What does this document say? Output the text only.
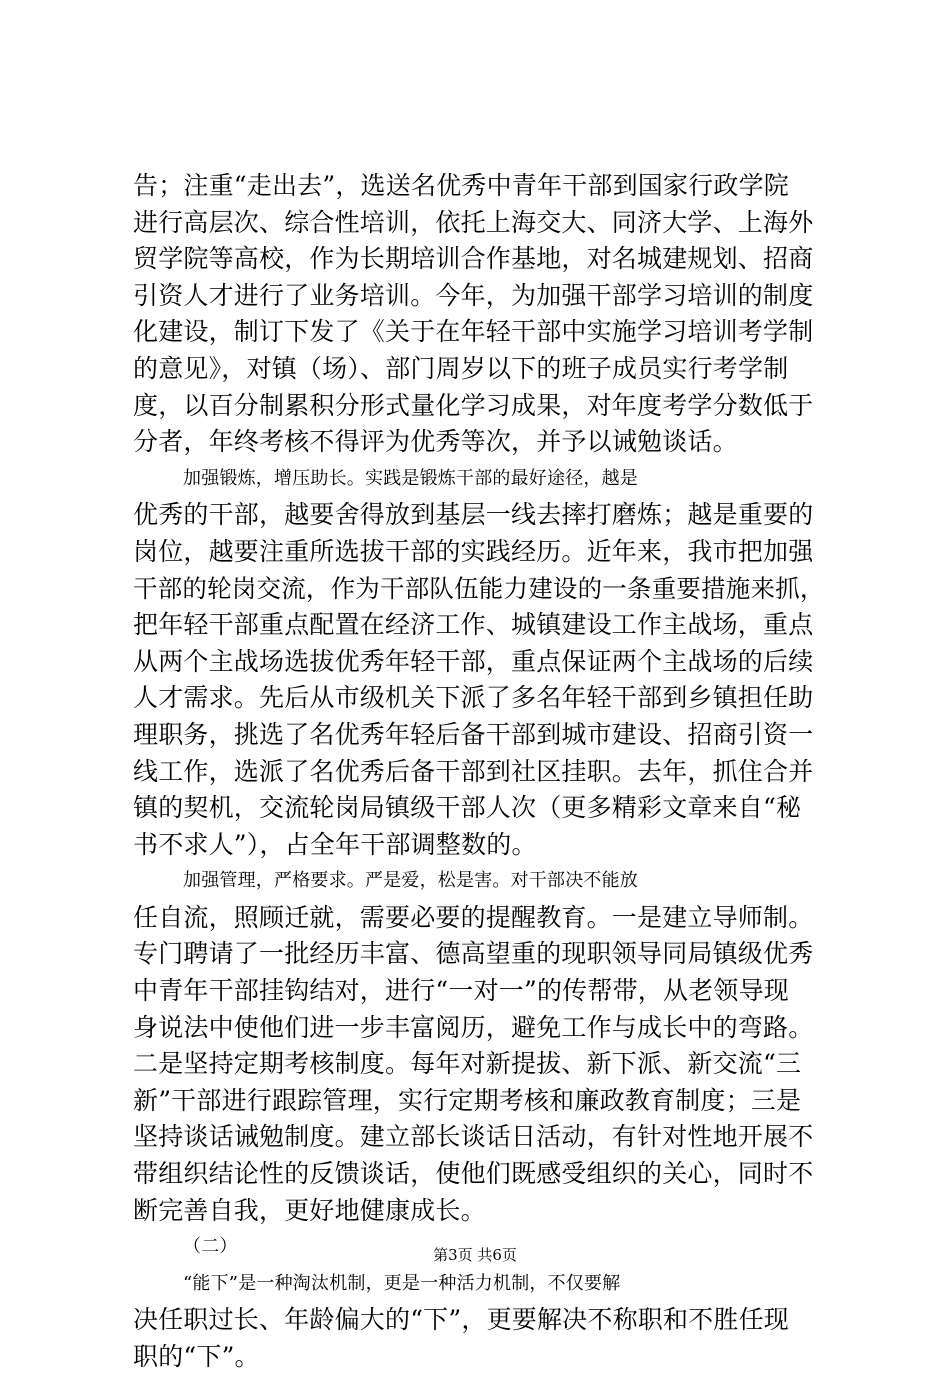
告；注重“走出去”，选送名优秀中青年干部到国家行政学院
进行高层次、综合性培训，依托上海交大、同济大学、上海外
贸学院等高校，作为长期培训合作基地，对名城建规划、招商
引资人才进行了业务培训。今年，为加强干部学习培训的制度
化建设，制订下发了《关于在年轻干部中实施学习培训考学制
的意见》，对镇（场）、部门周岁以下的班子成员实行考学制
度，以百分制累积分形式量化学习成果，对年度考学分数低于
分者，年终考核不得评为优秀等次，并予以诫勉谈话。
加强锻炼，增压助长。实践是锻炼干部的最好途径，越是
优秀的干部，越要舍得放到基层一线去摔打磨炼；越是重要的
岗位，越要注重所选拔干部的实践经历。近年来，我市把加强
干部的轮岗交流，作为干部队伍能力建设的一条重要措施来抓，
把年轻干部重点配置在经济工作、城镇建设工作主战场，重点
从两个主战场选拔优秀年轻干部，重点保证两个主战场的后续
人才需求。先后从市级机关下派了多名年轻干部到乡镇担任助
理职务，挑选了名优秀年轻后备干部到城市建设、招商引资一
线工作，选派了名优秀后备干部到社区挂职。去年，抓住合并
镇的契机，交流轮岗局镇级干部人次（更多精彩文章来自“秘
书不求人”），占全年干部调整数的。
加强管理，严格要求。严是爱，松是害。对干部决不能放
任自流，照顾迁就，需要必要的提醒教育。一是建立导师制。
专门聘请了一批经历丰富、德高望重的现职领导同局镇级优秀
中青年干部挂钩结对，进行“一对一”的传帮带，从老领导现
身说法中使他们进一步丰富阅历，避免工作与成长中的弯路。
二是坚持定期考核制度。每年对新提拔、新下派、新交流“三
新”干部进行跟踪管理，实行定期考核和廉政教育制度；三是
坚持谈话诫勉制度。建立部长谈话日活动，有针对性地开展不
带组织结论性的反馈谈话，使他们既感受组织的关心，同时不
断完善自我，更好地健康成长。
（二）
“能下”是一种淘汰机制，更是一种活力机制，不仅要解
决任职过长、年龄偏大的“下”，更要解决不称职和不胜任现
职的“下”。
第3页 共6页
